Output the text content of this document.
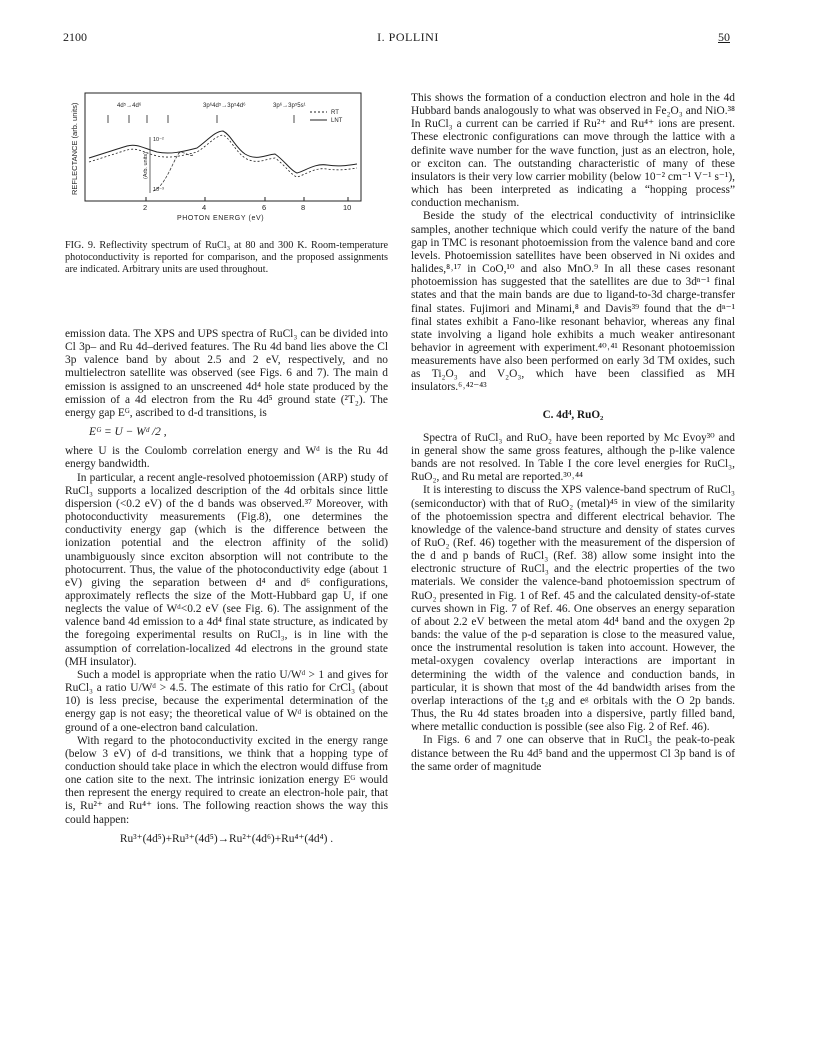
2100	I. POLLINI	50
REFLECTANCE (arb. units)
2	4	6	8	10
PHOTON ENERGY (eV)
4d⁵→4d⁶	3p⁶4d⁵→3p⁵4d⁶	3p⁶→3p⁵5s¹
RT
LNT
10⁻²
10⁻³
(Arb. units)
FIG. 9. Reflectivity spectrum of RuCl₃ at 80 and 300 K. Room-temperature photoconductivity is reported for comparison, and the proposed assignments are indicated. Arbitrary units are used throughout.

emission data. The XPS and UPS spectra of RuCl₃ can be divided into Cl 3p– and Ru 4d–derived features. The Ru 4d band lies above the Cl 3p valence band by about 2.5 and 2 eV, respectively, and no multielectron satellite was observed (see Figs. 6 and 7). The main d emission is assigned to an unscreened 4d⁴ hole state produced by the emission of a 4d electron from the Ru 4d⁵ ground state (²T₂). The energy gap Eᴳ, ascribed to d-d transitions, is

Eᴳ = U − Wᵈ /2 ,

where U is the Coulomb correlation energy and Wᵈ is the Ru 4d energy bandwidth.

In particular, a recent angle-resolved photoemission (ARP) study of RuCl₃ supports a localized description of the 4d orbitals since little dispersion (<0.2 eV) of the d bands was observed.³⁷ Moreover, with photoconductivity measurements (Fig.8), one determines the conductivity energy gap (which is the difference between the ionization potential and the electron affinity of the solid) unambiguously since exciton absorption will not contribute to the photocurrent. Thus, the value of the photoconductivity edge (about 1 eV) giving the separation between d⁴ and d⁶ configurations, approximately reflects the size of the Mott-Hubbard gap U, if one neglects the value of Wᵈ<0.2 eV (see Fig. 6). The assignment of the valence band 4d emission to a 4d⁴ final state structure, as indicated by the foregoing experimental results on RuCl₃, is in line with the assumption of correlation-localized 4d electrons in the ground state (MH insulator).

Such a model is appropriate when the ratio U/Wᵈ > 1 and gives for RuCl₃ a ratio U/Wᵈ > 4.5. The estimate of this ratio for CrCl₃ (about 10) is less precise, because the experimental determination of the energy gap is not easy; the theoretical value of Wᵈ is obtained on the ground of a one-electron band calculation.

With regard to the photoconductivity excited in the energy range (below 3 eV) of d-d transitions, we think that a hopping type of conduction should take place in which the electron would diffuse from one cation site to the next. The intrinsic ionization energy Eᴳ would then represent the energy required to create an electron-hole pair, that is, Ru²⁺ and Ru⁴⁺ ions. The following reaction shows the way this could happen:

Ru³⁺(4d⁵)+Ru³⁺(4d⁵)→Ru²⁺(4d⁶)+Ru⁴⁺(4d⁴) .

This shows the formation of a conduction electron and hole in the 4d Hubbard bands analogously to what was observed in Fe₂O₃ and NiO.³⁸ In RuCl₃ a current can be carried if Ru²⁺ and Ru⁴⁺ ions are present. These electronic configurations can move through the lattice with a definite wave number for the wave function, just as an electron, hole, or exciton can. The outstanding characteristic of many of these insulators is their very low carrier mobility (below 10⁻² cm⁻¹ V⁻¹ s⁻¹), which has been interpreted as indicating a “hopping process” conduction mechanism.

Beside the study of the electrical conductivity of intrinsiclike samples, another technique which could verify the nature of the band gap in TMC is resonant photoemission from the valence band and core levels. Photoemission satellites have been observed in Ni oxides and halides,⁸˒¹⁷ in CoO,¹⁰ and also MnO.⁹ In all these cases resonant photoemission has suggested that the satellites are due to 3dⁿ⁻¹ final states and that the main bands are due to ligand-to-3d charge-transfer final states. Fujimori and Minami,⁸ and Davis³⁹ found that the dⁿ⁻¹ final states exhibit a Fano-like resonant behavior, whereas any final state involving a ligand hole exhibits a much weaker antiresonant behavior in agreement with experiment.⁴⁰˒⁴¹ Resonant photoemission measurements have also been performed on early 3d TM oxides, such as Ti₂O₃ and V₂O₃, which have been classified as MH insulators.⁶˒⁴²⁻⁴³

C. 4d⁴, RuO₂

Spectra of RuCl₃ and RuO₂ have been reported by Mc Evoy³⁰ and in general show the same gross features, although the p-like valence bands are not resolved. In Table I the core level energies for RuCl₃, RuO₂, and Ru metal are reported.³⁰˒⁴⁴

It is interesting to discuss the XPS valence-band spectrum of RuCl₃ (semiconductor) with that of RuO₂ (metal)⁴⁵ in view of the similarity of the photoemission spectra and different electrical behavior. The knowledge of the valence-band structure and density of states curves of RuO₂ (Ref. 46) together with the measurement of the dispersion of the d and p bands of RuCl₃ (Ref. 38) allow some insight into the electronic structure of RuCl₃ and the electric properties of the two materials. We consider the valence-band photoemission spectrum of RuO₂ presented in Fig. 1 of Ref. 45 and the calculated density-of-state curves shown in Fig. 7 of Ref. 46. One observes an energy separation of about 2.2 eV between the metal atom 4d⁴ band and the oxygen 2p bands: the value of the p-d separation is close to the measured value, once the instrumental resolution is taken into account. However, the metal-oxygen covalency overlap interactions are important in determining the width of the valence and conduction bands, in particular, it is shown that most of the 4d bandwidth arises from the overlap interactions of the t₂g and eᵍ orbitals with the O 2p bands. Thus, the Ru 4d states broaden into a dispersive, partly filled band, where metallic conduction is possible (see also Fig. 2 of Ref. 46).

In Figs. 6 and 7 one can observe that in RuCl₃ the peak-to-peak distance between the Ru 4d⁵ band and the uppermost Cl 3p band is of the same order of magnitude
